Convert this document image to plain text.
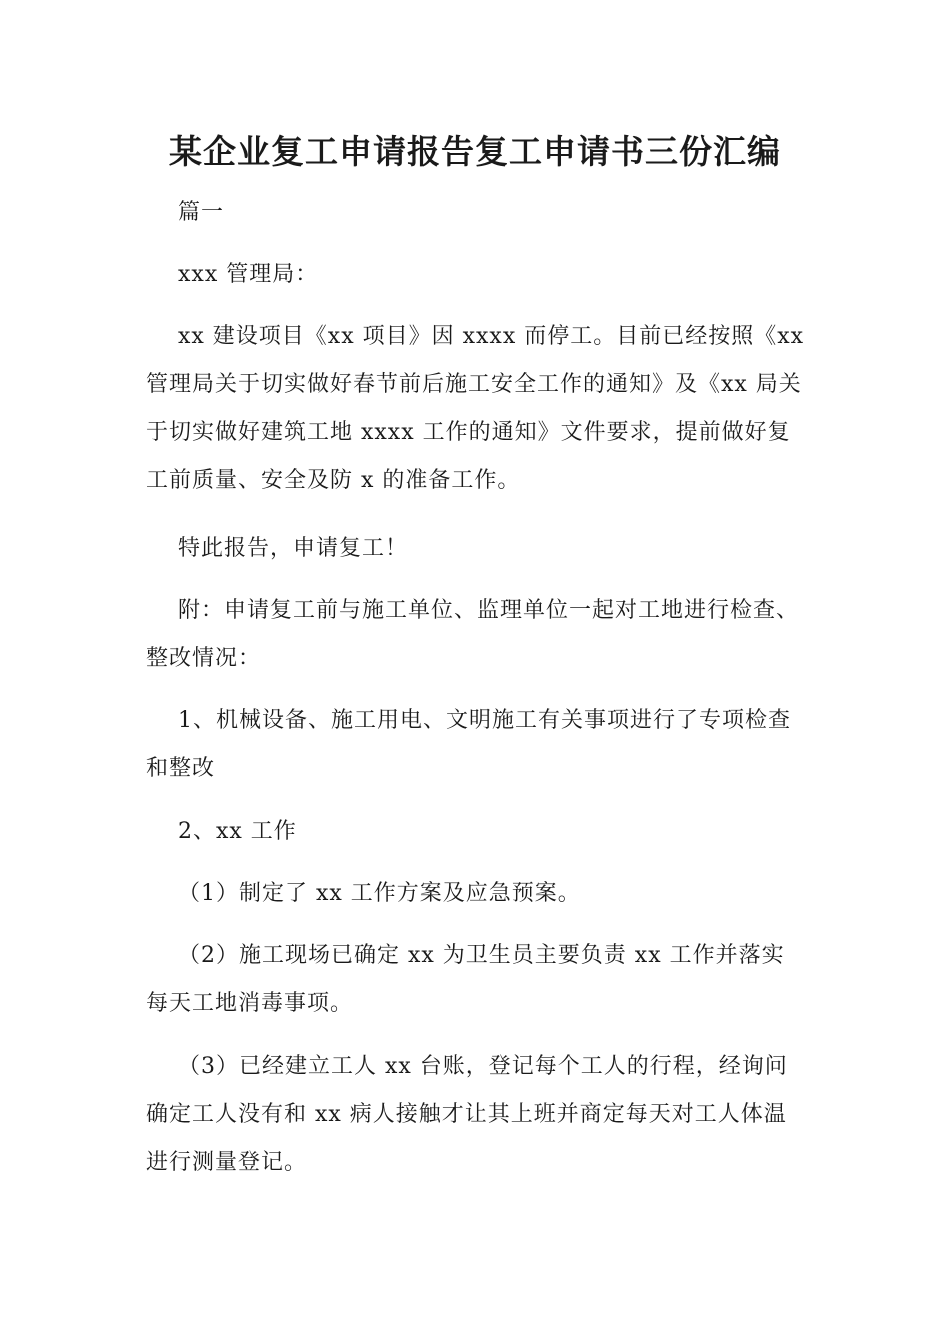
某企业复工申请报告复工申请书三份汇编

篇一

xxx 管理局：

xx 建设项目《xx 项目》因 xxxx 而停工。目前已经按照《xx 管理局关于切实做好春节前后施工安全工作的通知》及《xx 局关于切实做好建筑工地 xxxx 工作的通知》文件要求，提前做好复工前质量、安全及防 x 的准备工作。

特此报告，申请复工！

附：申请复工前与施工单位、监理单位一起对工地进行检查、整改情况：

1、机械设备、施工用电、文明施工有关事项进行了专项检查和整改

2、xx 工作

（1）制定了 xx 工作方案及应急预案。

（2）施工现场已确定 xx 为卫生员主要负责 xx 工作并落实每天工地消毒事项。

（3）已经建立工人 xx 台账，登记每个工人的行程，经询问确定工人没有和 xx 病人接触才让其上班并商定每天对工人体温进行测量登记。
